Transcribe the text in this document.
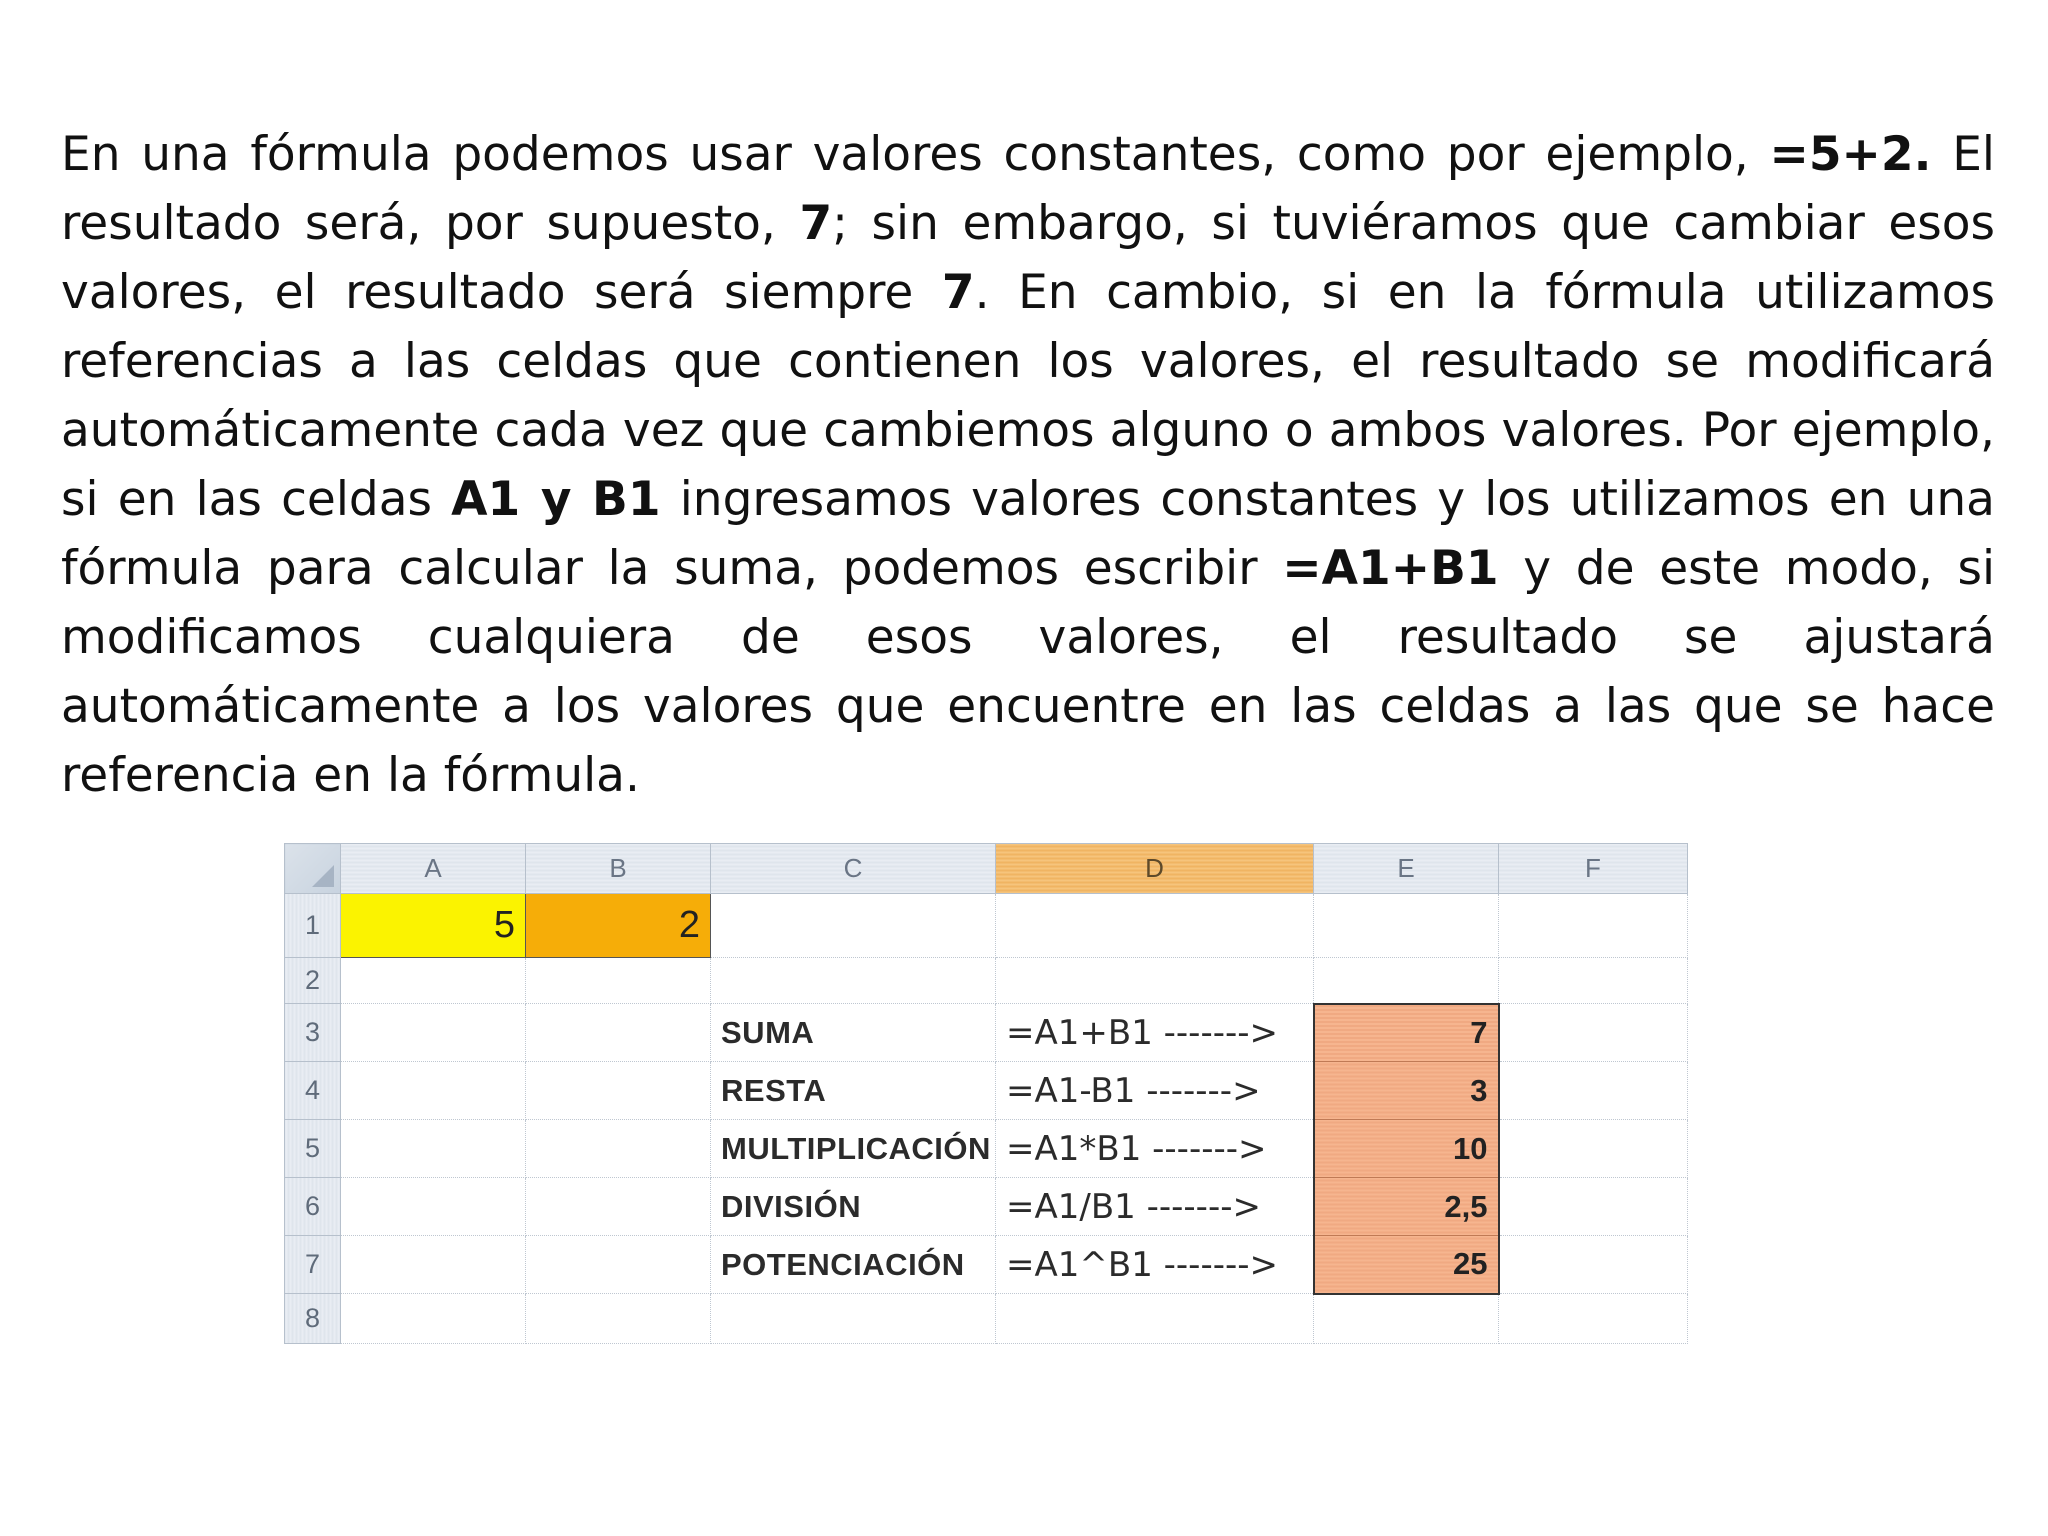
En una fórmula podemos usar valores constantes, como por ejemplo, =5+2. El resultado será, por supuesto, 7; sin embargo, si tuviéramos que cambiar esos valores, el resultado será siempre 7. En cambio, si en la fórmula utilizamos referencias a las celdas que contienen los valores, el resultado se modificará automáticamente cada vez que cambiemos alguno o ambos valores. Por ejemplo, si en las celdas A1 y B1 ingresamos valores constantes y los utilizamos en una fórmula para calcular la suma, podemos escribir =A1+B1 y de este modo, si modificamos cualquiera de esos valores, el resultado se ajustará automáticamente a los valores que encuentre en las celdas a las que se hace referencia en la fórmula.

	A	B	C	D	E	F
1	5	2				
2						
3			SUMA	=A1+B1 ------->	7	
4			RESTA	=A1-B1 ------->	3	
5			MULTIPLICACIÓN	=A1*B1 ------->	10	
6			DIVISIÓN	=A1/B1 ------->	2,5	
7			POTENCIACIÓN	=A1^B1 ------->	25	
8						
